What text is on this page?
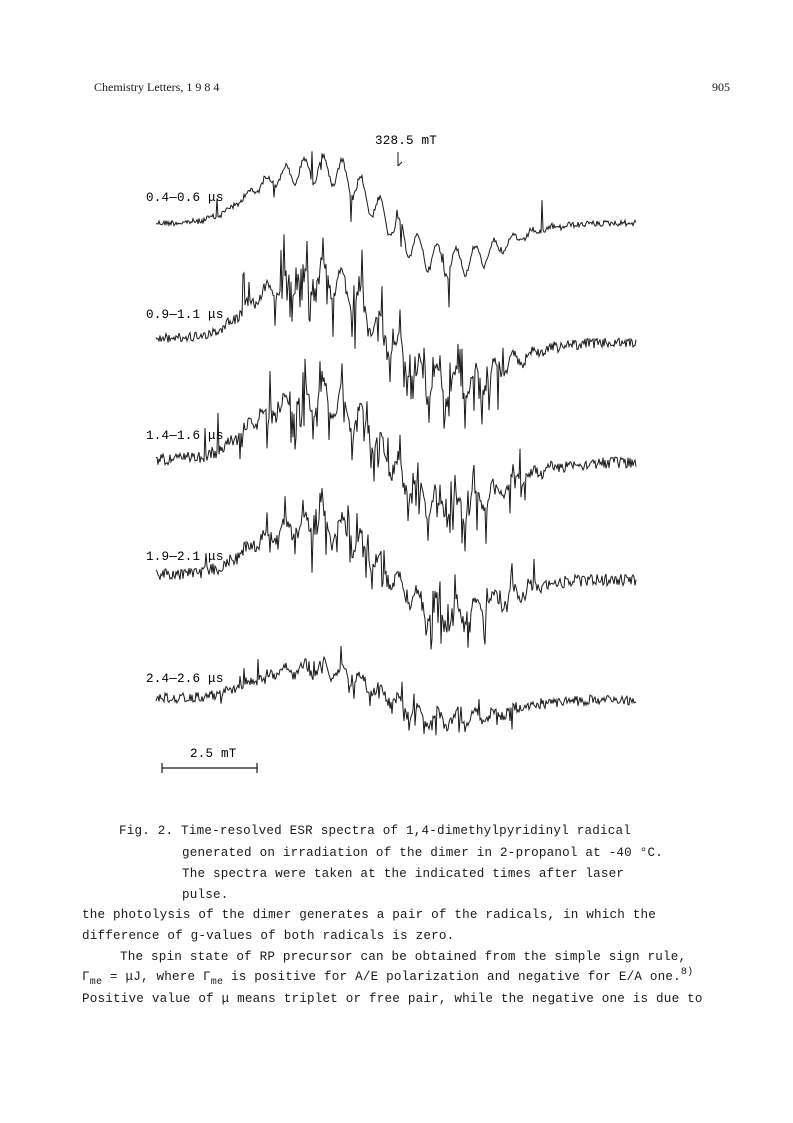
Chemistry Letters, 1 9 8 4	905
328.5 mT
0.4—0.6 μs
0.9—1.1 μs
1.4—1.6 μs
1.9—2.1 μs
2.4—2.6 μs
2.5 mT
Fig. 2. Time-resolved ESR spectra of 1,4-dimethylpyridinyl radical
generated on irradiation of the dimer in 2-propanol at -40 °C.
The spectra were taken at the indicated times after laser
pulse.
the photolysis of the dimer generates a pair of the radicals, in which the
difference of g-values of both radicals is zero.
The spin state of RP precursor can be obtained from the simple sign rule,
$\Gamma_{me} = \mu J$, where $\Gamma_{me}$ is positive for A/E polarization and negative for E/A one.$^{8)}$
Positive value of μ means triplet or free pair, while the negative one is due to
